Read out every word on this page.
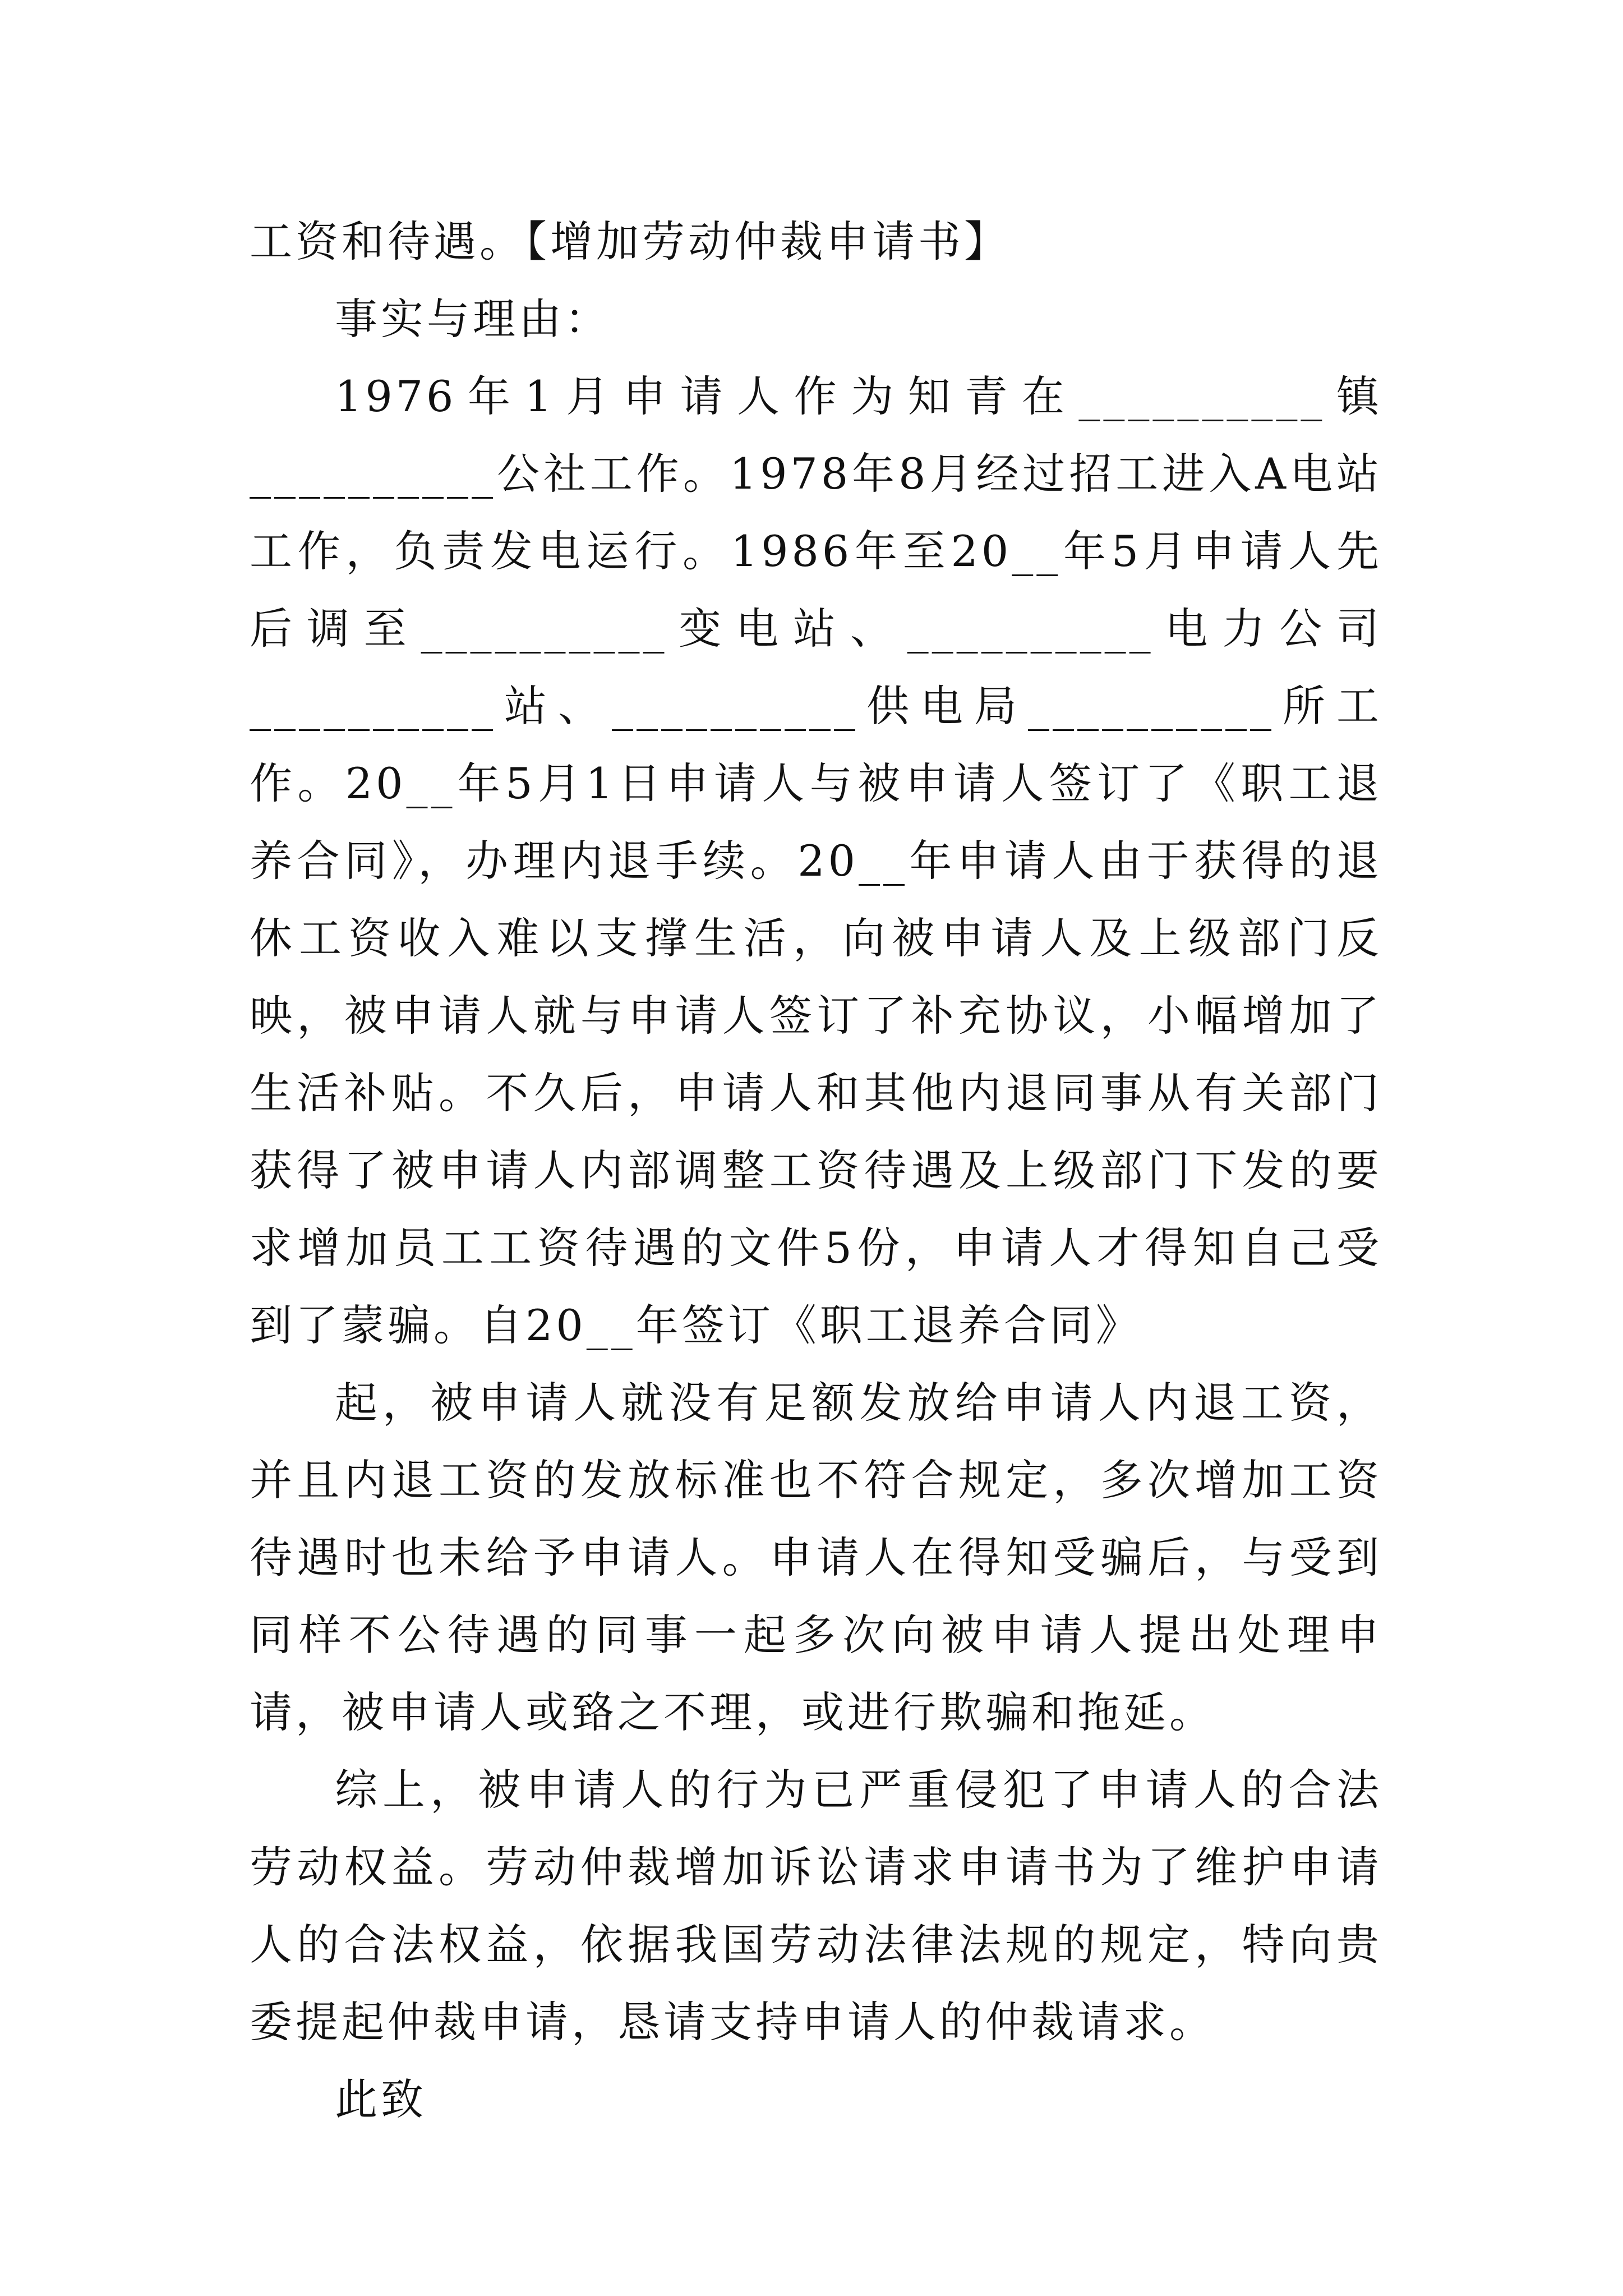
工资和待遇。【增加劳动仲裁申请书】

事实与理由：

1976年1月申请人作为知青在__________镇__________公社工作。1978年8月经过招工进入A电站工作，负责发电运行。1986年至20__年5月申请人先后调至__________变电站、__________电力公司__________站、__________供电局__________所工作。20__年5月1日申请人与被申请人签订了《职工退养合同》，办理内退手续。20__年申请人由于获得的退休工资收入难以支撑生活，向被申请人及上级部门反映，被申请人就与申请人签订了补充协议，小幅增加了生活补贴。不久后，申请人和其他内退同事从有关部门获得了被申请人内部调整工资待遇及上级部门下发的要求增加员工工资待遇的文件5份，申请人才得知自己受到了蒙骗。自20__年签订《职工退养合同》

起，被申请人就没有足额发放给申请人内退工资，并且内退工资的发放标准也不符合规定，多次增加工资待遇时也未给予申请人。申请人在得知受骗后，与受到同样不公待遇的同事一起多次向被申请人提出处理申请，被申请人或臵之不理，或进行欺骗和拖延。

综上，被申请人的行为已严重侵犯了申请人的合法劳动权益。劳动仲裁增加诉讼请求申请书为了维护申请人的合法权益，依据我国劳动法律法规的规定，特向贵委提起仲裁申请，恳请支持申请人的仲裁请求。

此致
